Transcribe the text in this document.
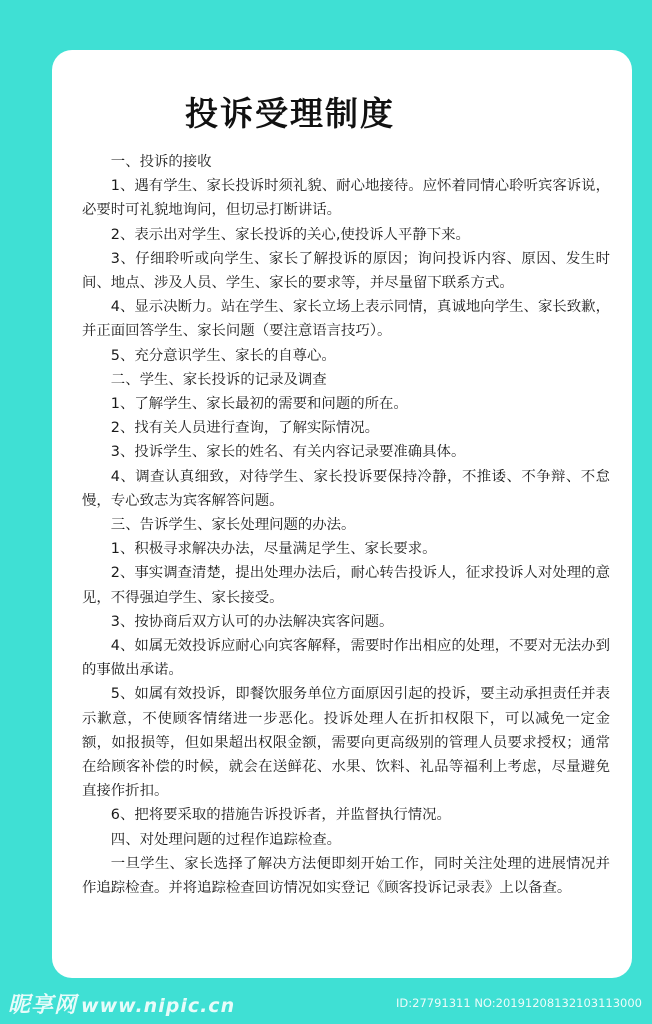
投诉受理制度

一、投诉的接收

1、遇有学生、家长投诉时须礼貌、耐心地接待。应怀着同情心聆听宾客诉说，必要时可礼貌地询问，但切忌打断讲话。

2、表示出对学生、家长投诉的关心,使投诉人平静下来。

3、仔细聆听或向学生、家长了解投诉的原因；询问投诉内容、原因、发生时间、地点、涉及人员、学生、家长的要求等，并尽量留下联系方式。

4、显示决断力。站在学生、家长立场上表示同情，真诚地向学生、家长致歉，并正面回答学生、家长问题（要注意语言技巧）。

5、充分意识学生、家长的自尊心。

二、学生、家长投诉的记录及调查

1、了解学生、家长最初的需要和问题的所在。

2、找有关人员进行查询，了解实际情况。

3、投诉学生、家长的姓名、有关内容记录要准确具体。

4、调查认真细致，对待学生、家长投诉要保持冷静，不推诿、不争辩、不怠慢，专心致志为宾客解答问题。

三、告诉学生、家长处理问题的办法。

1、积极寻求解决办法，尽量满足学生、家长要求。

2、事实调查清楚，提出处理办法后，耐心转告投诉人，征求投诉人对处理的意见，不得强迫学生、家长接受。

3、按协商后双方认可的办法解决宾客问题。

4、如属无效投诉应耐心向宾客解释，需要时作出相应的处理，不要对无法办到的事做出承诺。

5、如属有效投诉，即餐饮服务单位方面原因引起的投诉，要主动承担责任并表示歉意，不使顾客情绪进一步恶化。投诉处理人在折扣权限下，可以减免一定金额，如报损等，但如果超出权限金额，需要向更高级别的管理人员要求授权；通常在给顾客补偿的时候，就会在送鲜花、水果、饮料、礼品等福利上考虑，尽量避免直接作折扣。

6、把将要采取的措施告诉投诉者，并监督执行情况。

四、对处理问题的过程作追踪检查。

一旦学生、家长选择了解决方法便即刻开始工作，同时关注处理的进展情况并作追踪检查。并将追踪检查回访情况如实登记《顾客投诉记录表》上以备查。

昵享网 www.nipic.cn	ID:27791311 NO:20191208132103113000
